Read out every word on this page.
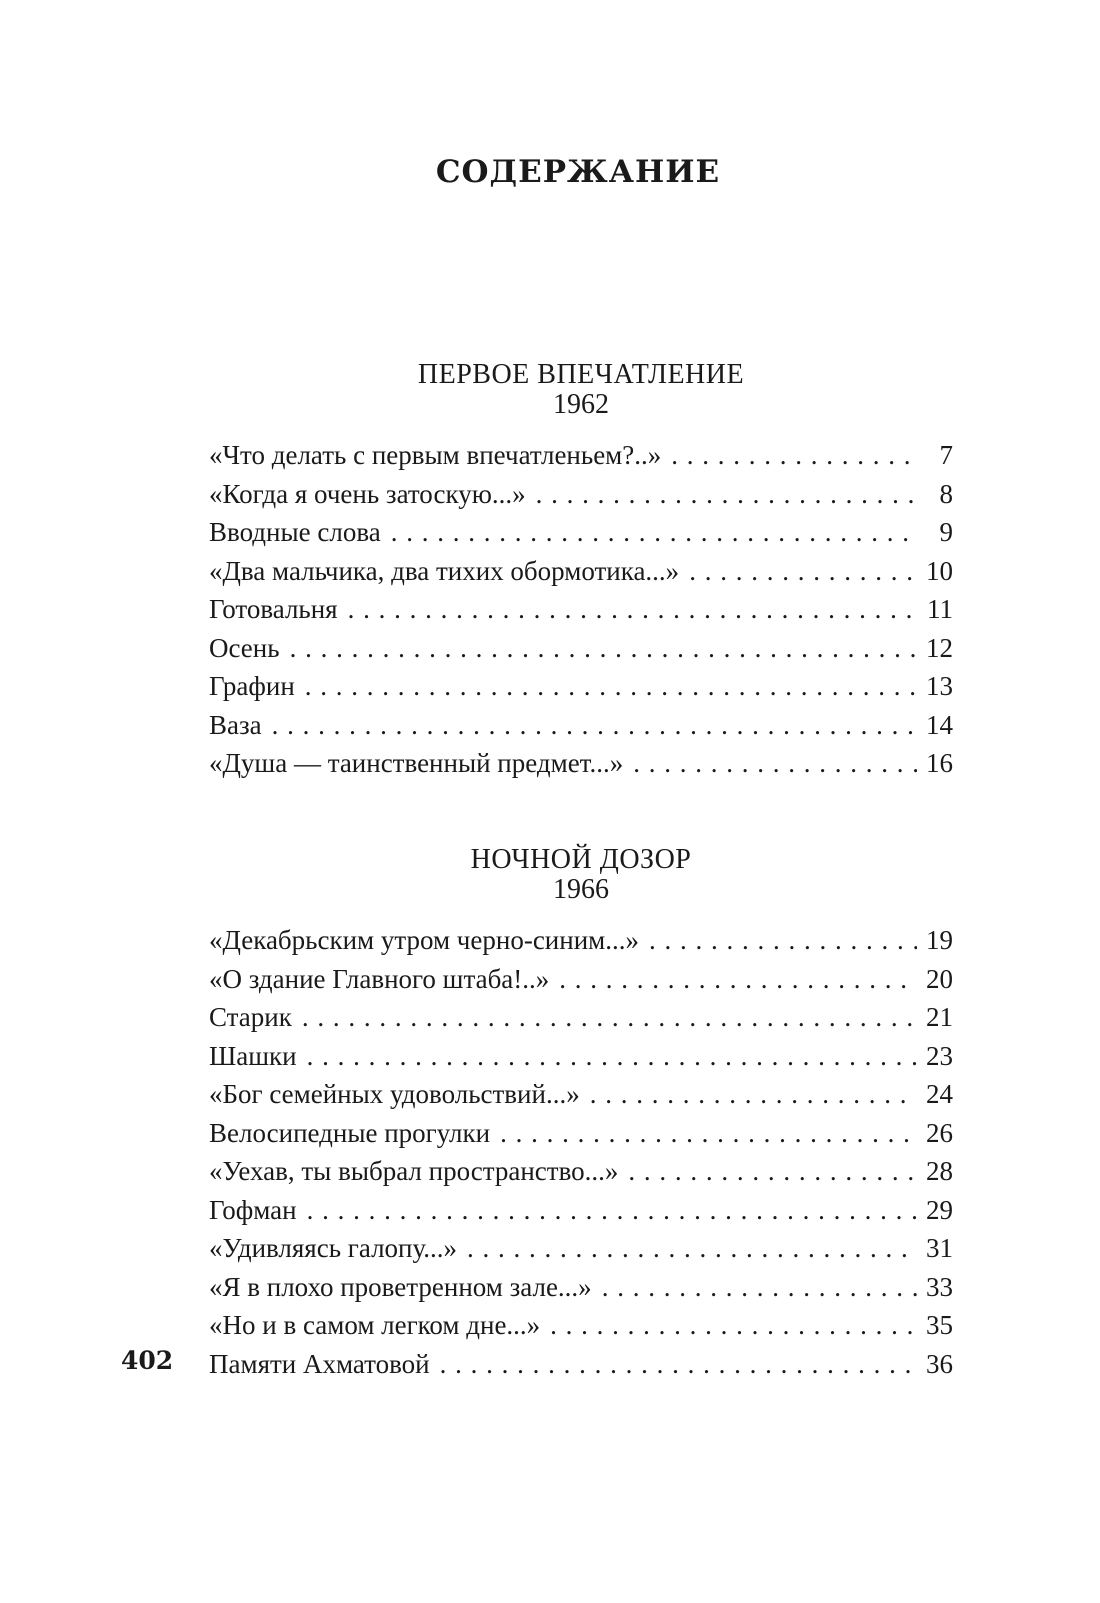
СОДЕРЖАНИЕ
ПЕРВОЕ ВПЕЧАТЛЕНИЕ
1962
«Что делать с первым впечатленьем?..» . . .	7
«Когда я очень затоскую...» . . .	8
Вводные слова . . .	9
«Два мальчика, два тихих обормотика...» . . .	10
Готовальня . . .	11
Осень . . .	12
Графин . . .	13
Ваза . . .	14
«Душа — таинственный предмет...» . . .	16
НОЧНОЙ ДОЗОР
1966
«Декабрьским утром черно-синим...» . . .	19
«О здание Главного штаба!..» . . .	20
Старик . . .	21
Шашки . . .	23
«Бог семейных удовольствий...» . . .	24
Велосипедные прогулки . . .	26
«Уехав, ты выбрал пространство...» . . .	28
Гофман . . .	29
«Удивляясь галопу...» . . .	31
«Я в плохо проветренном зале...» . . .	33
«Но и в самом легком дне...» . . .	35
Памяти Ахматовой . . .	36
402
